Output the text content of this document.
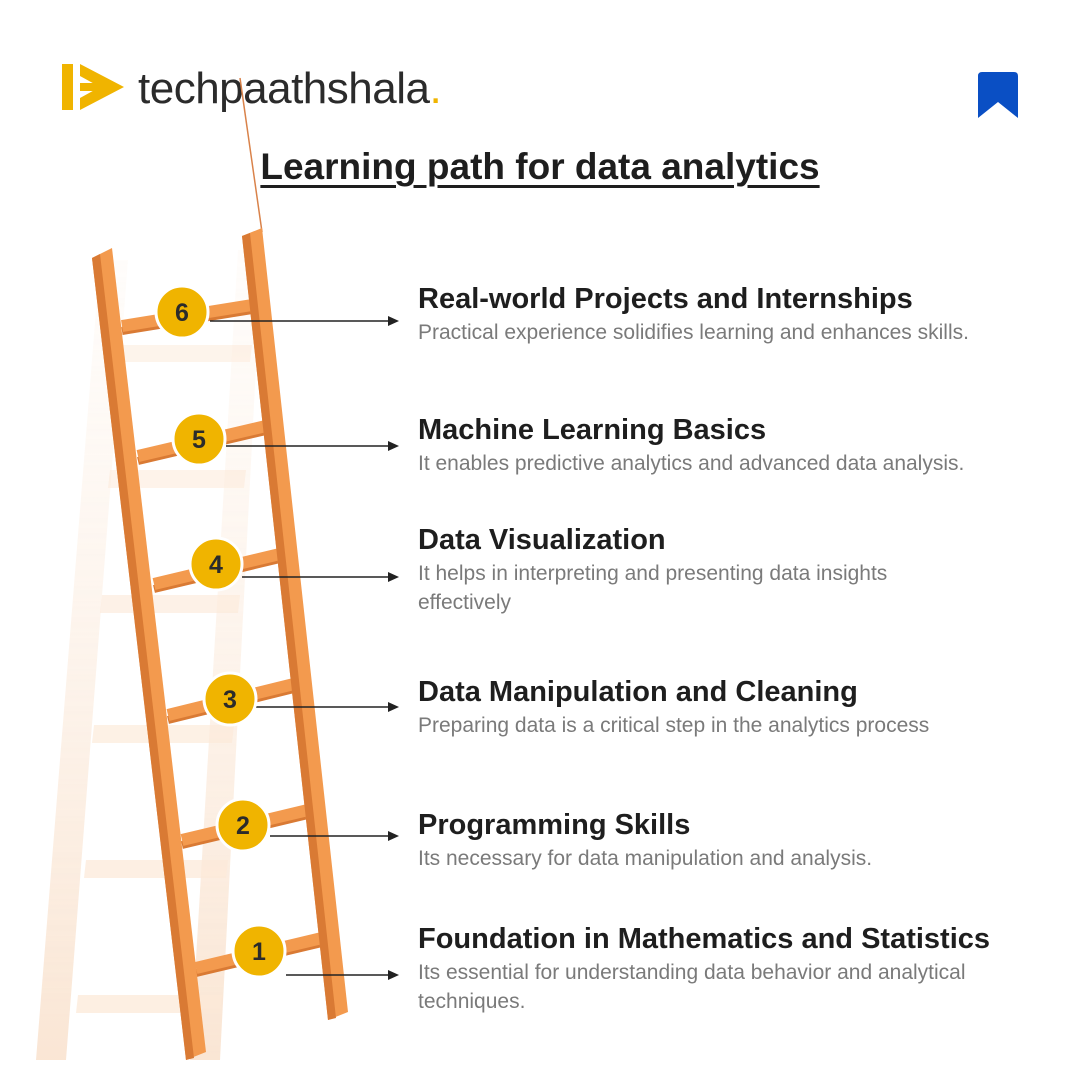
techpaathshala.
Learning path for data analytics
1
2
3
4
5
6	Real-world Projects and Internships
Practical experience solidifies learning and enhances skills.
Machine Learning Basics
It enables predictive analytics and advanced data analysis.
Data Visualization
It helps in interpreting and presenting data insights effectively
Data Manipulation and Cleaning
Preparing data is a critical step in the analytics process
Programming Skills
Its necessary for data manipulation and analysis.
Foundation in Mathematics and Statistics
Its essential for understanding data behavior and analytical techniques.
